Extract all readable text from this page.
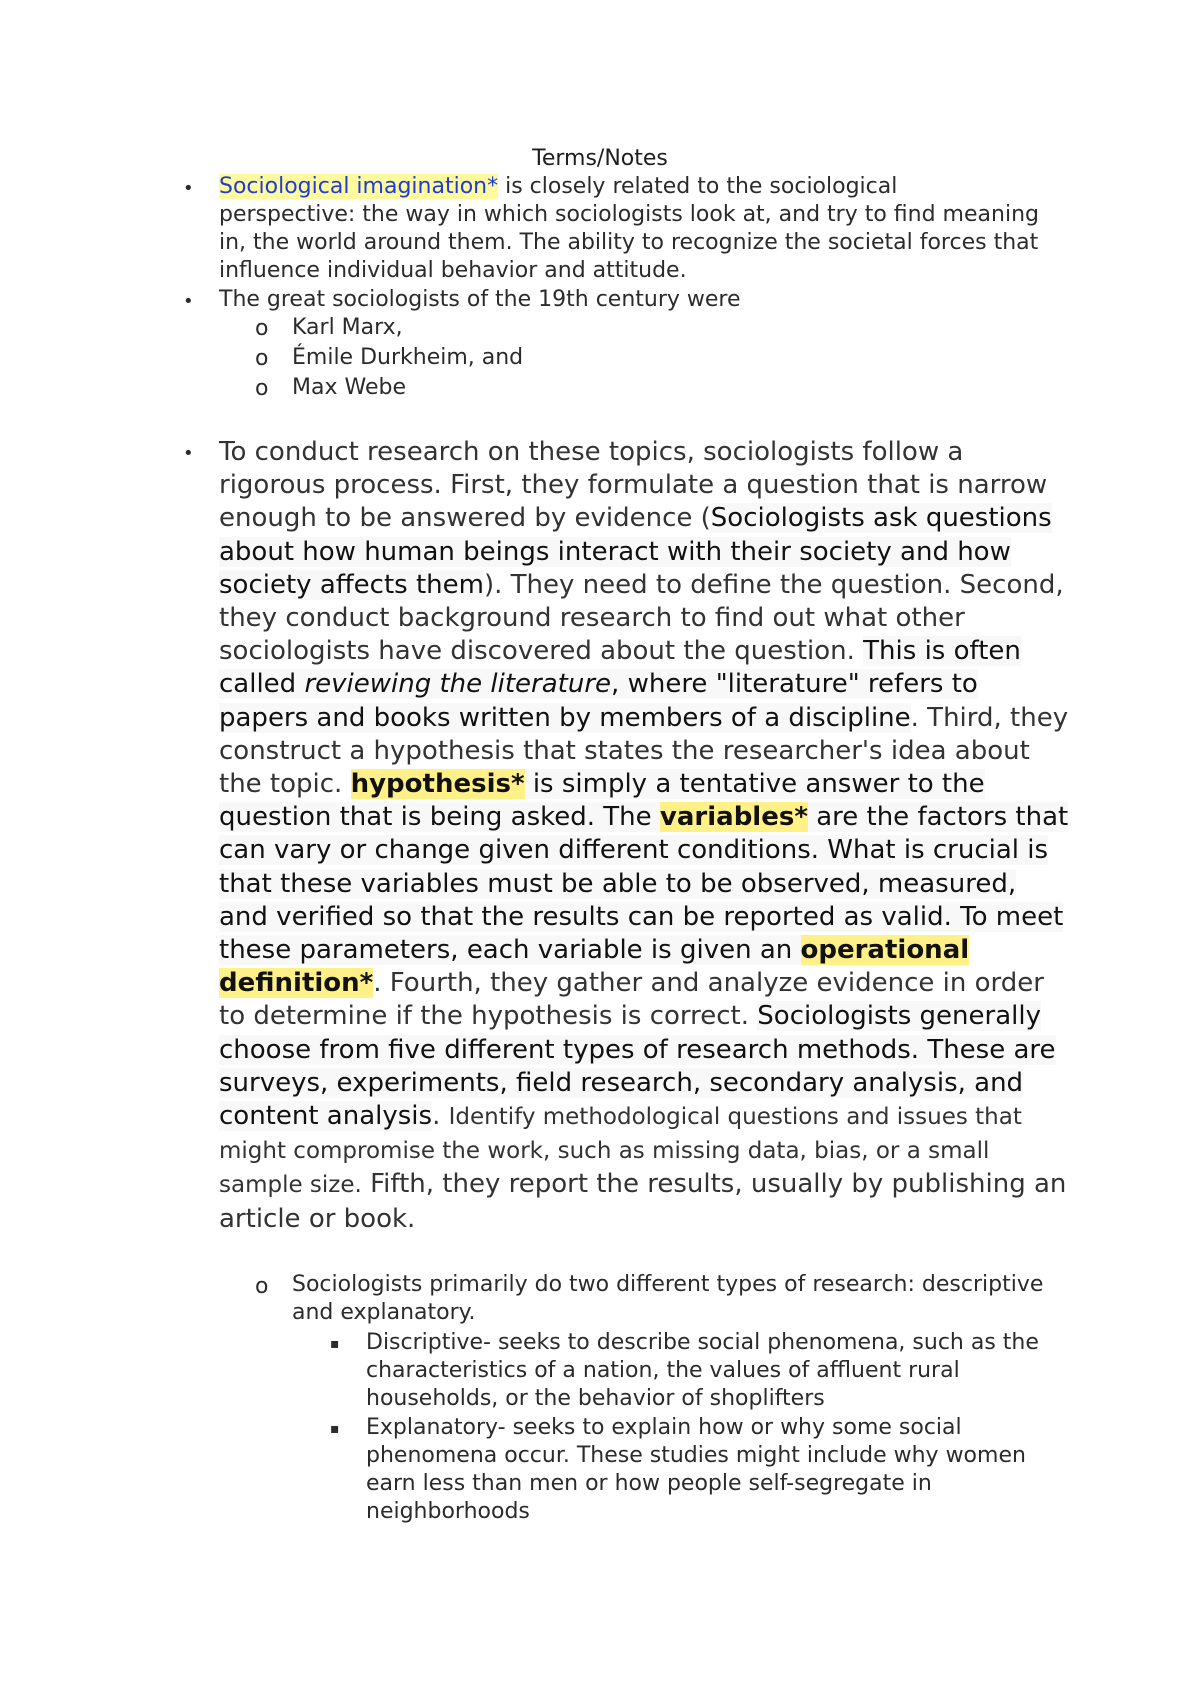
Terms/Notes
• Sociological imagination* is closely related to the sociological perspective: the way in which sociologists look at, and try to find meaning in, the world around them. The ability to recognize the societal forces that influence individual behavior and attitude.
• The great sociologists of the 19th century were
o Karl Marx,
o Émile Durkheim, and
o Max Webe
• To conduct research on these topics, sociologists follow a rigorous process. First, they formulate a question that is narrow enough to be answered by evidence (Sociologists ask questions about how human beings interact with their society and how society affects them). They need to define the question. Second, they conduct background research to find out what other sociologists have discovered about the question. This is often called reviewing the literature, where "literature" refers to papers and books written by members of a discipline. Third, they construct a hypothesis that states the researcher's idea about the topic. hypothesis* is simply a tentative answer to the question that is being asked. The variables* are the factors that can vary or change given different conditions. What is crucial is that these variables must be able to be observed, measured, and verified so that the results can be reported as valid. To meet these parameters, each variable is given an operational definition*. Fourth, they gather and analyze evidence in order to determine if the hypothesis is correct. Sociologists generally choose from five different types of research methods. These are surveys, experiments, field research, secondary analysis, and content analysis. Identify methodological questions and issues that might compromise the work, such as missing data, bias, or a small sample size. Fifth, they report the results, usually by publishing an article or book.
o Sociologists primarily do two different types of research: descriptive and explanatory.
▪ Discriptive- seeks to describe social phenomena, such as the characteristics of a nation, the values of affluent rural households, or the behavior of shoplifters
▪ Explanatory- seeks to explain how or why some social phenomena occur. These studies might include why women earn less than men or how people self-segregate in neighborhoods
